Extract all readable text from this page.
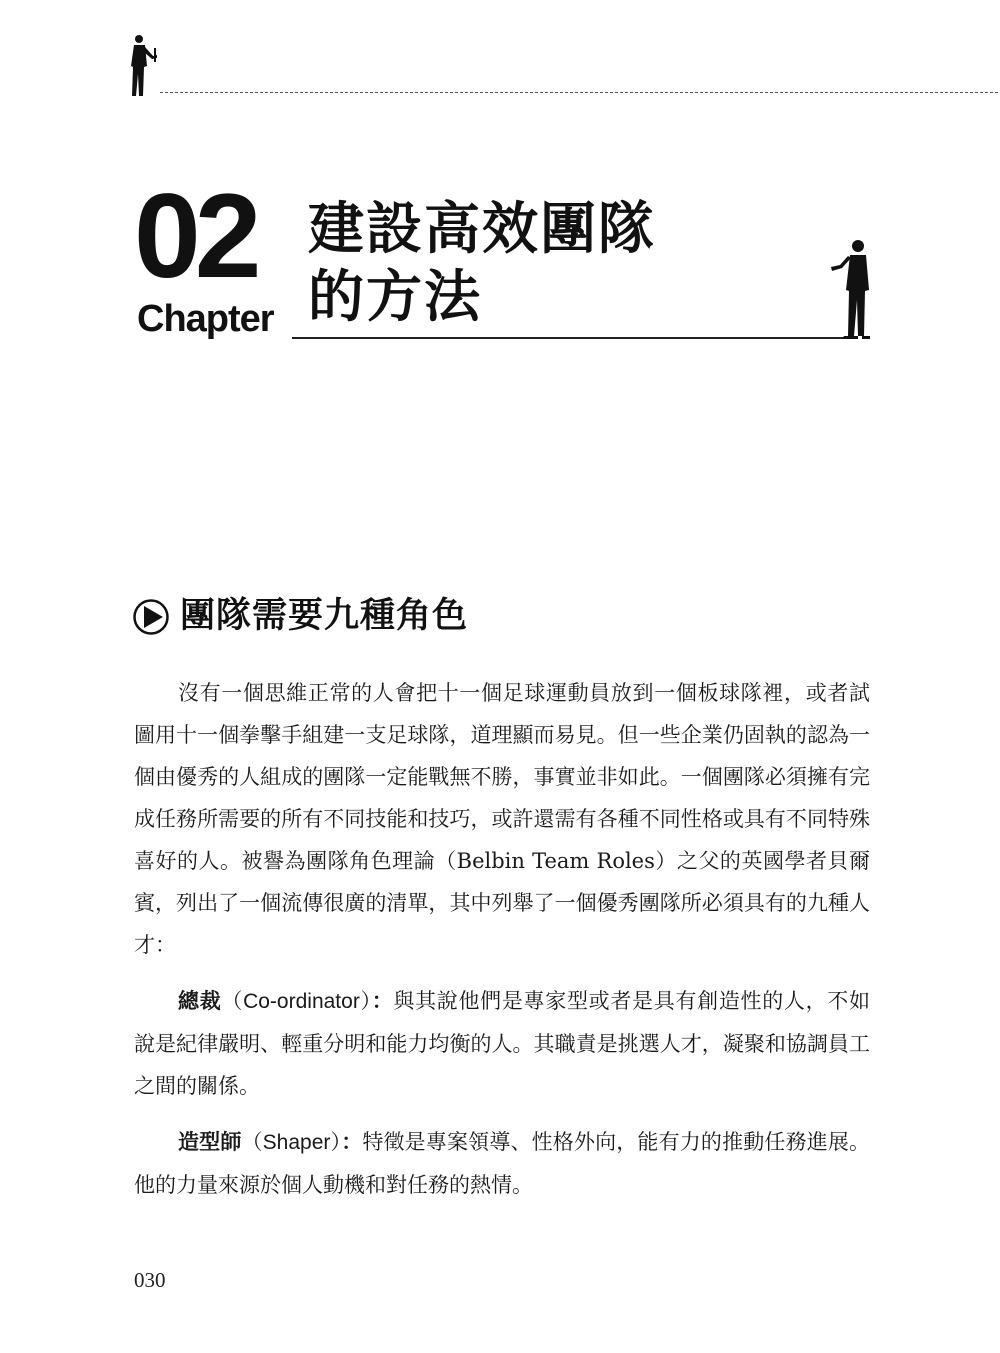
02
Chapter
建設高效團隊
的方法
團隊需要九種角色

沒有一個思維正常的人會把十一個足球運動員放到一個板球隊裡，或者試圖用十一個拳擊手組建一支足球隊，道理顯而易見。但一些企業仍固執的認為一個由優秀的人組成的團隊一定能戰無不勝，事實並非如此。一個團隊必須擁有完成任務所需要的所有不同技能和技巧，或許還需有各種不同性格或具有不同特殊喜好的人。被譽為團隊角色理論（Belbin Team Roles）之父的英國學者貝爾賓，列出了一個流傳很廣的清單，其中列舉了一個優秀團隊所必須具有的九種人才：

總裁（Co-ordinator）：與其說他們是專家型或者是具有創造性的人，不如說是紀律嚴明、輕重分明和能力均衡的人。其職責是挑選人才，凝聚和協調員工之間的關係。

造型師（Shaper）：特徵是專案領導、性格外向，能有力的推動任務進展。他的力量來源於個人動機和對任務的熱情。

030
